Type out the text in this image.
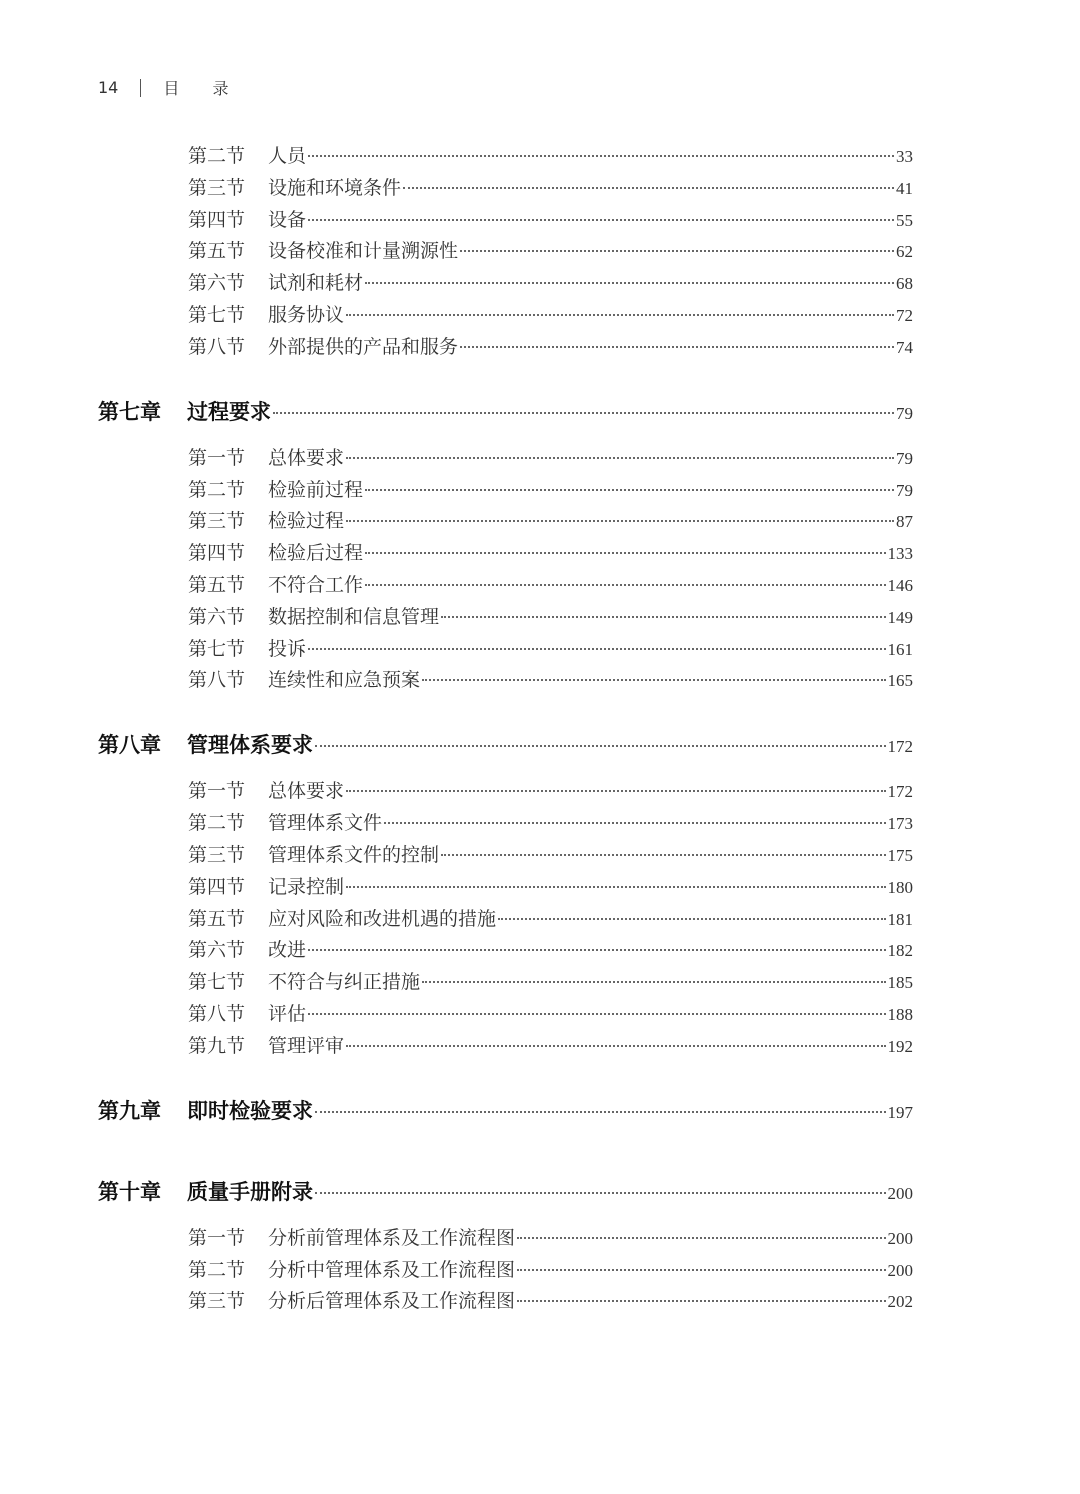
14	目 录
第二节	人员	33
第三节	设施和环境条件	41
第四节	设备	55
第五节	设备校准和计量溯源性	62
第六节	试剂和耗材	68
第七节	服务协议	72
第八节	外部提供的产品和服务	74
第七章	过程要求	79
第一节	总体要求	79
第二节	检验前过程	79
第三节	检验过程	87
第四节	检验后过程	133
第五节	不符合工作	146
第六节	数据控制和信息管理	149
第七节	投诉	161
第八节	连续性和应急预案	165
第八章	管理体系要求	172
第一节	总体要求	172
第二节	管理体系文件	173
第三节	管理体系文件的控制	175
第四节	记录控制	180
第五节	应对风险和改进机遇的措施	181
第六节	改进	182
第七节	不符合与纠正措施	185
第八节	评估	188
第九节	管理评审	192
第九章	即时检验要求	197
第十章	质量手册附录	200
第一节	分析前管理体系及工作流程图	200
第二节	分析中管理体系及工作流程图	200
第三节	分析后管理体系及工作流程图	202
